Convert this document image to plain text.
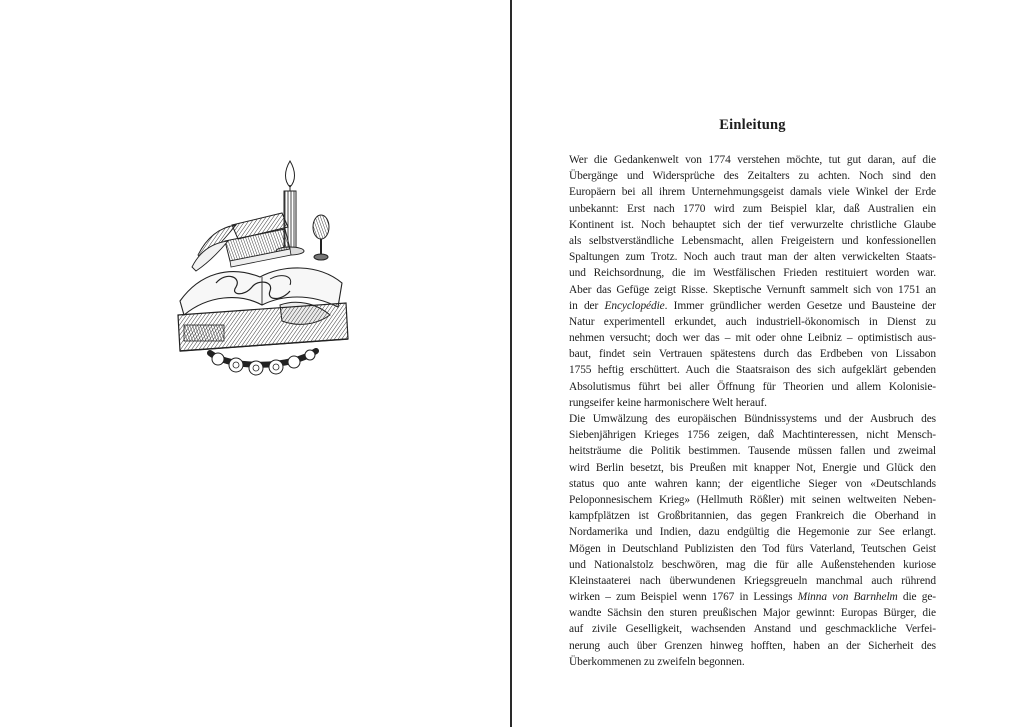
Einleitung
Wer die Gedankenwelt von 1774 verstehen möchte, tut gut daran, auf die
Übergänge und Widersprüche des Zeitalters zu achten. Noch sind den
Europäern bei all ihrem Unternehmungsgeist damals viele Winkel der Erde
unbekannt: Erst nach 1770 wird zum Beispiel klar, daß Australien ein
Kontinent ist. Noch behauptet sich der tief verwurzelte christliche Glaube
als selbstverständliche Lebensmacht, allen Freigeistern und konfessionellen
Spaltungen zum Trotz. Noch auch traut man der alten verwickelten Staats-
und Reichsordnung, die im Westfälischen Frieden restituiert worden war.
Aber das Gefüge zeigt Risse. Skeptische Vernunft sammelt sich von 1751 an
in der Encyclopédie. Immer gründlicher werden Gesetze und Bausteine der
Natur experimentell erkundet, auch industriell-ökonomisch in Dienst zu
nehmen versucht; doch wer das – mit oder ohne Leibniz – optimistisch aus-
baut, findet sein Vertrauen spätestens durch das Erdbeben von Lissabon
1755 heftig erschüttert. Auch die Staatsraison des sich aufgeklärt gebenden
Absolutismus führt bei aller Öffnung für Theorien und allem Kolonisie-
rungseifer keine harmonischere Welt herauf.
Die Umwälzung des europäischen Bündnissystems und der Ausbruch des
Siebenjährigen Krieges 1756 zeigen, daß Machtinteressen, nicht Mensch-
heitsträume die Politik bestimmen. Tausende müssen fallen und zweimal
wird Berlin besetzt, bis Preußen mit knapper Not, Energie und Glück den
status quo ante wahren kann; der eigentliche Sieger von «Deutschlands
Peloponnesischem Krieg» (Hellmuth Rößler) mit seinen weltweiten Neben-
kampfplätzen ist Großbritannien, das gegen Frankreich die Oberhand in
Nordamerika und Indien, dazu endgültig die Hegemonie zur See erlangt.
Mögen in Deutschland Publizisten den Tod fürs Vaterland, Teutschen Geist
und Nationalstolz beschwören, mag die für alle Außenstehenden kuriose
Kleinstaaterei nach überwundenen Kriegsgreueln manchmal auch rührend
wirken – zum Beispiel wenn 1767 in Lessings Minna von Barnhelm die ge-
wandte Sächsin den sturen preußischen Major gewinnt: Europas Bürger, die
auf zivile Geselligkeit, wachsenden Anstand und geschmackliche Verfei-
nerung auch über Grenzen hinweg hofften, haben an der Sicherheit des
Überkommenen zu zweifeln begonnen.
